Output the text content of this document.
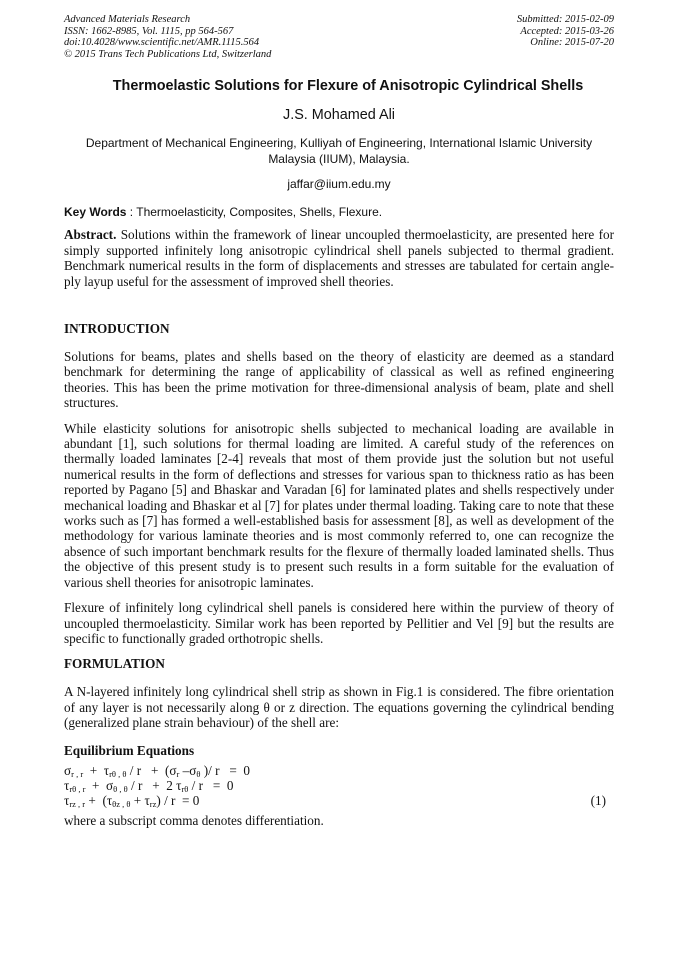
Advanced Materials Research
ISSN: 1662-8985, Vol. 1115, pp 564-567
doi:10.4028/www.scientific.net/AMR.1115.564
© 2015 Trans Tech Publications Ltd, Switzerland
Submitted: 2015-02-09
Accepted: 2015-03-26
Online: 2015-07-20
Thermoelastic Solutions for Flexure of Anisotropic Cylindrical Shells
J.S. Mohamed Ali
Department of Mechanical Engineering, Kulliyah of Engineering, International Islamic University
Malaysia (IIUM), Malaysia.
jaffar@iium.edu.my
Key Words : Thermoelasticity, Composites, Shells, Flexure.

Abstract. Solutions within the framework of linear uncoupled thermoelasticity, are presented here for simply supported infinitely long anisotropic cylindrical shell panels subjected to thermal gradient. Benchmark numerical results in the form of displacements and stresses are tabulated for certain angle-ply layup useful for the assessment of improved shell theories.

INTRODUCTION

Solutions for beams, plates and shells based on the theory of elasticity are deemed as a standard benchmark for determining the range of applicability of classical as well as refined engineering theories. This has been the prime motivation for three-dimensional analysis of beam, plate and shell structures.

While elasticity solutions for anisotropic shells subjected to mechanical loading are available in abundant [1], such solutions for thermal loading are limited. A careful study of the references on thermally loaded laminates [2-4] reveals that most of them provide just the solution but not useful numerical results in the form of deflections and stresses for various span to thickness ratio as has been reported by Pagano [5] and Bhaskar and Varadan [6] for laminated plates and shells respectively under mechanical loading and Bhaskar et al [7] for plates under thermal loading. Taking care to note that these works such as [7] has formed a well-established basis for assessment [8], as well as development of the methodology for various laminate theories and is most commonly referred to, one can recognize the absence of such important benchmark results for the flexure of thermally loaded laminated shells. Thus the objective of this present study is to present such results in a form suitable for the evaluation of various shell theories for anisotropic laminates.

Flexure of infinitely long cylindrical shell panels is considered here within the purview of theory of uncoupled thermoelasticity. Similar work has been reported by Pellitier and Vel [9] but the results are specific to functionally graded orthotropic shells.

FORMULATION

A N-layered infinitely long cylindrical shell strip as shown in Fig.1 is considered. The fibre orientation of any layer is not necessarily along θ or z direction. The equations governing the cylindrical bending (generalized plane strain behaviour) of the shell are:

Equilibrium Equations
$\sigma_{r , r} + \tau_{r\theta , \theta} / r + (\sigma_r$ $-\sigma_\theta$ )/ r   =  0
$\tau_{r\theta , r} + \sigma_{\theta , \theta} / r + 2$ $\tau_{r\theta} / r = 0$
$\tau_{rz , r} + (\tau_{\theta z , \theta} + \tau_{rz}) / r = 0$	(1)

where a subscript comma denotes differentiation.
